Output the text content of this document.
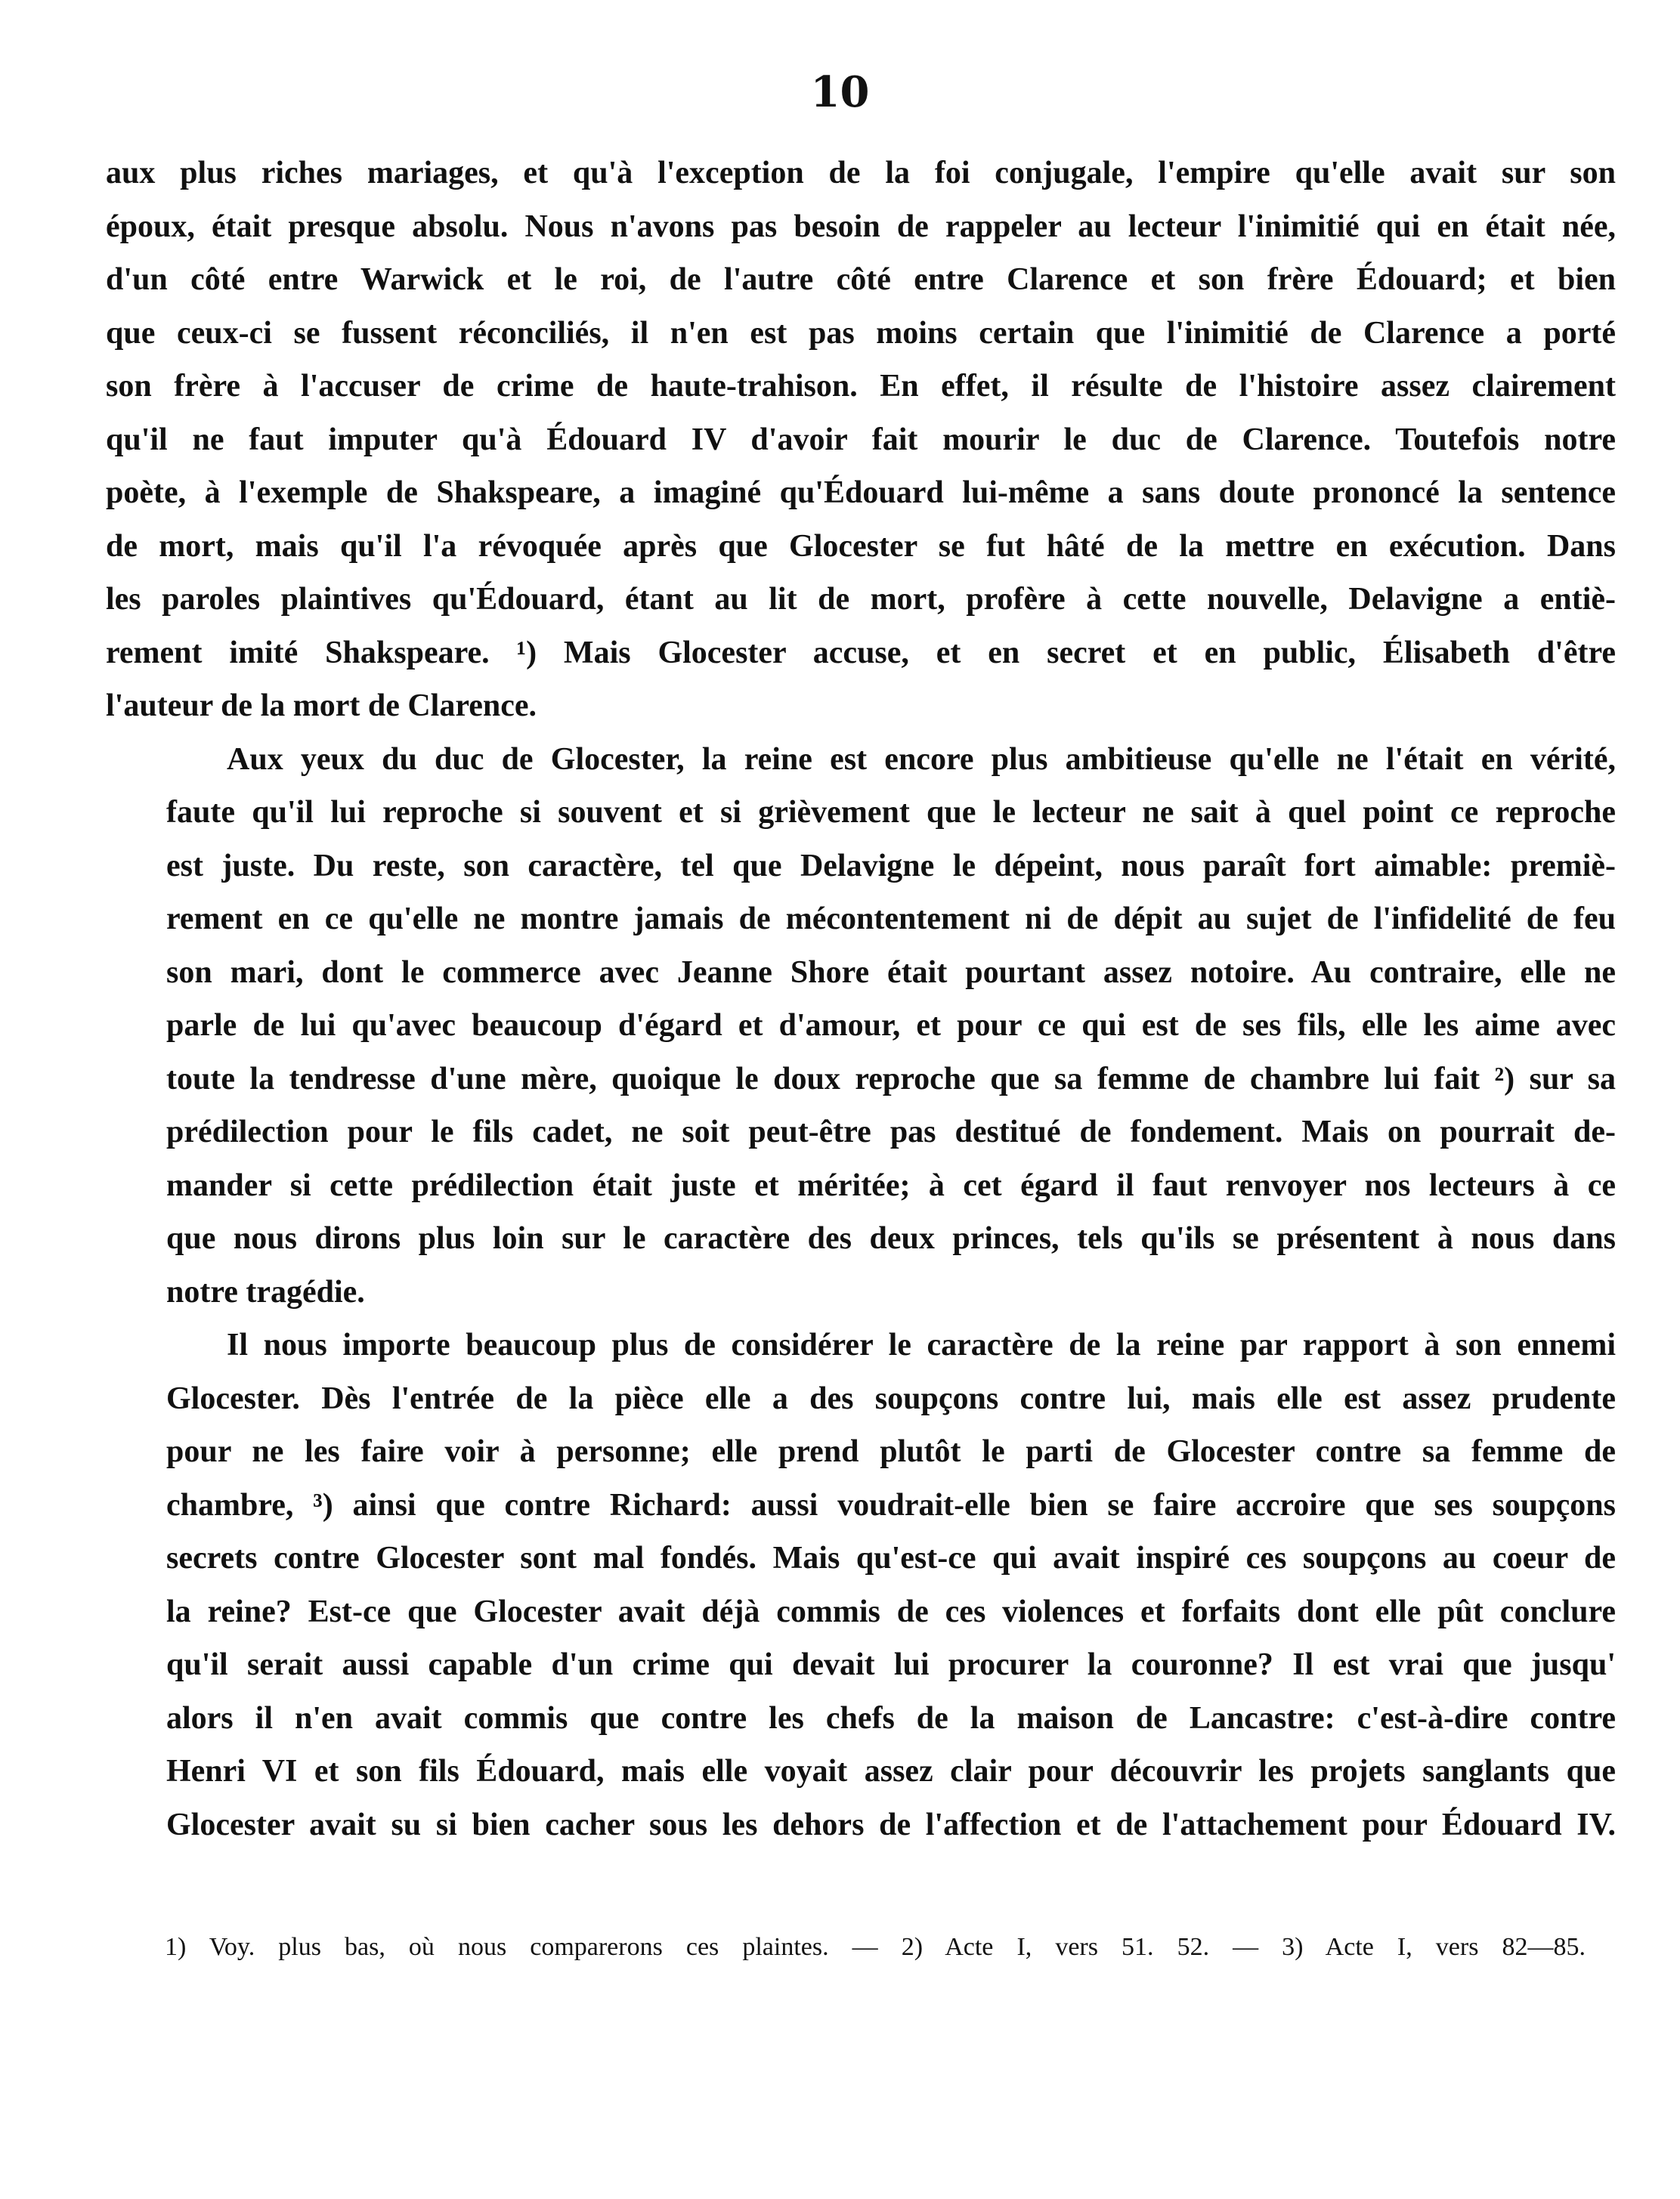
10

aux plus riches mariages, et qu'à l'exception de la foi conjugale, l'empire qu'elle avait sur son
époux, était presque absolu. Nous n'avons pas besoin de rappeler au lecteur l'inimitié qui en était née,
d'un côté entre Warwick et le roi, de l'autre côté entre Clarence et son frère Édouard; et bien
que ceux-ci se fussent réconciliés, il n'en est pas moins certain que l'inimitié de Clarence a porté
son frère à l'accuser de crime de haute-trahison. En effet, il résulte de l'histoire assez clairement
qu'il ne faut imputer qu'à Édouard IV d'avoir fait mourir le duc de Clarence. Toutefois notre
poète, à l'exemple de Shakspeare, a imaginé qu'Édouard lui-même a sans doute prononcé la sentence
de mort, mais qu'il l'a révoquée après que Glocester se fut hâté de la mettre en exécution. Dans
les paroles plaintives qu'Édouard, étant au lit de mort, profère à cette nouvelle, Delavigne a entiè-
rement imité Shakspeare. ¹) Mais Glocester accuse, et en secret et en public, Élisabeth d'être
l'auteur de la mort de Clarence.

Aux yeux du duc de Glocester, la reine est encore plus ambitieuse qu'elle ne l'était en vérité,
faute qu'il lui reproche si souvent et si grièvement que le lecteur ne sait à quel point ce reproche
est juste. Du reste, son caractère, tel que Delavigne le dépeint, nous paraît fort aimable: premiè-
rement en ce qu'elle ne montre jamais de mécontentement ni de dépit au sujet de l'infidelité de feu
son mari, dont le commerce avec Jeanne Shore était pourtant assez notoire. Au contraire, elle ne
parle de lui qu'avec beaucoup d'égard et d'amour, et pour ce qui est de ses fils, elle les aime avec
toute la tendresse d'une mère, quoique le doux reproche que sa femme de chambre lui fait ²) sur sa
prédilection pour le fils cadet, ne soit peut-être pas destitué de fondement. Mais on pourrait de-
mander si cette prédilection était juste et méritée; à cet égard il faut renvoyer nos lecteurs à ce
que nous dirons plus loin sur le caractère des deux princes, tels qu'ils se présentent à nous dans
notre tragédie.

Il nous importe beaucoup plus de considérer le caractère de la reine par rapport à son ennemi
Glocester. Dès l'entrée de la pièce elle a des soupçons contre lui, mais elle est assez prudente
pour ne les faire voir à personne; elle prend plutôt le parti de Glocester contre sa femme de
chambre, ³) ainsi que contre Richard: aussi voudrait-elle bien se faire accroire que ses soupçons
secrets contre Glocester sont mal fondés. Mais qu'est-ce qui avait inspiré ces soupçons au coeur de
la reine? Est-ce que Glocester avait déjà commis de ces violences et forfaits dont elle pût conclure
qu'il serait aussi capable d'un crime qui devait lui procurer la couronne? Il est vrai que jusqu'
alors il n'en avait commis que contre les chefs de la maison de Lancastre: c'est-à-dire contre
Henri VI et son fils Édouard, mais elle voyait assez clair pour découvrir les projets sanglants que
Glocester avait su si bien cacher sous les dehors de l'affection et de l'attachement pour Édouard IV.

1) Voy. plus bas, où nous comparerons ces plaintes. — 2) Acte I, vers 51. 52. — 3) Acte I, vers 82—85.
